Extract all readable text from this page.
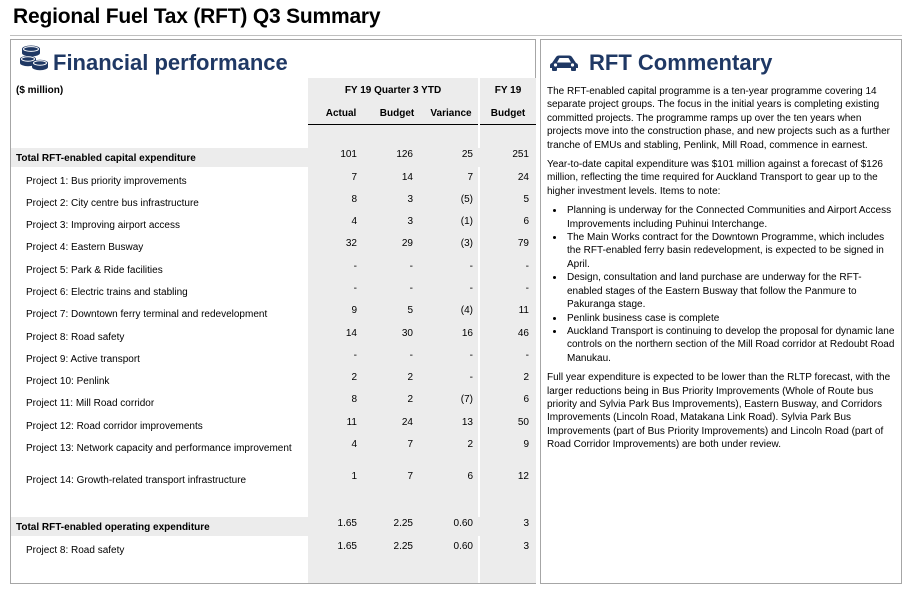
Regional Fuel Tax (RFT) Q3 Summary
Financial performance
($ million)	FY 19 Quarter 3 YTD	FY 19
Actual	Budget	Variance	Budget
Total RFT-enabled capital expenditure	101	126	25	251
Project 1: Bus priority improvements	7	14	7	24
Project 2: City centre bus infrastructure	8	3	(5)	5
Project 3: Improving airport access	4	3	(1)	6
Project 4: Eastern Busway	32	29	(3)	79
Project 5: Park & Ride facilities	-	-	-	-
Project 6: Electric trains and stabling	-	-	-	-
Project 7: Downtown ferry terminal and redevelopment	9	5	(4)	11
Project 8: Road safety	14	30	16	46
Project 9: Active transport	-	-	-	-
Project 10: Penlink	2	2	-	2
Project 11: Mill Road corridor	8	2	(7)	6
Project 12: Road corridor improvements	11	24	13	50
Project 13: Network capacity and performance improvement	4	7	2	9
Project 14: Growth-related transport infrastructure	1	7	6	12
Total RFT-enabled operating expenditure	1.65	2.25	0.60	3
Project 8: Road safety	1.65	2.25	0.60	3
RFT Commentary

The RFT-enabled capital programme is a ten-year programme covering 14 separate project groups. The focus in the initial years is completing existing committed projects. The programme ramps up over the ten years when projects move into the construction phase, and new projects such as a further tranche of EMUs and stabling, Penlink, Mill Road, commence in earnest.

Year-to-date capital expenditure was $101 million against a forecast of $126 million, reflecting the time required for Auckland Transport to gear up to the higher investment levels. Items to note:

• Planning is underway for the Connected Communities and Airport Access Improvements including Puhinui Interchange.
• The Main Works contract for the Downtown Programme, which includes the RFT-enabled ferry basin redevelopment, is expected to be signed in April.
• Design, consultation and land purchase are underway for the RFT-enabled stages of the Eastern Busway that follow the Panmure to Pakuranga stage.
• Penlink business case is complete
• Auckland Transport is continuing to develop the proposal for dynamic lane controls on the northern section of the Mill Road corridor at Redoubt Road Manukau.

Full year expenditure is expected to be lower than the RLTP forecast, with the larger reductions being in Bus Priority Improvements (Whole of Route bus priority and Sylvia Park Bus Improvements), Eastern Busway, and Corridors Improvements (Lincoln Road, Matakana Link Road). Sylvia Park Bus Improvements (part of Bus Priority Improvements) and Lincoln Road (part of Road Corridor Improvements) are both under review.
